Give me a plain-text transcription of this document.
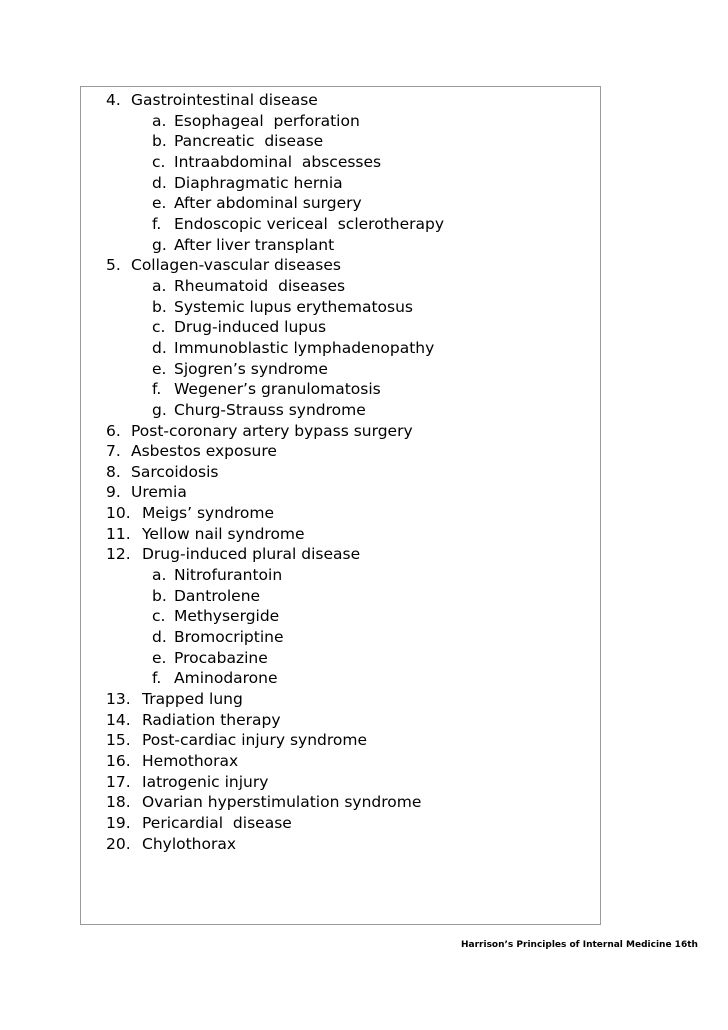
4. Gastrointestinal disease
a. Esophageal  perforation
b. Pancreatic  disease
c. Intraabdominal  abscesses
d. Diaphragmatic hernia
e. After abdominal surgery
f. Endoscopic vericeal  sclerotherapy
g. After liver transplant
5. Collagen-vascular diseases
a. Rheumatoid  diseases
b. Systemic lupus erythematosus
c. Drug-induced lupus
d. Immunoblastic lymphadenopathy
e. Sjogren’s syndrome
f. Wegener’s granulomatosis
g. Churg-Strauss syndrome
6. Post-coronary artery bypass surgery
7. Asbestos exposure
8. Sarcoidosis
9. Uremia
10. Meigs’ syndrome
11. Yellow nail syndrome
12. Drug-induced plural disease
a. Nitrofurantoin
b. Dantrolene
c. Methysergide
d. Bromocriptine
e. Procabazine
f. Aminodarone
13. Trapped lung
14. Radiation therapy
15. Post-cardiac injury syndrome
16. Hemothorax
17. Iatrogenic injury
18. Ovarian hyperstimulation syndrome
19. Pericardial  disease
20. Chylothorax
Harrison’s Principles of Internal Medicine 16th
